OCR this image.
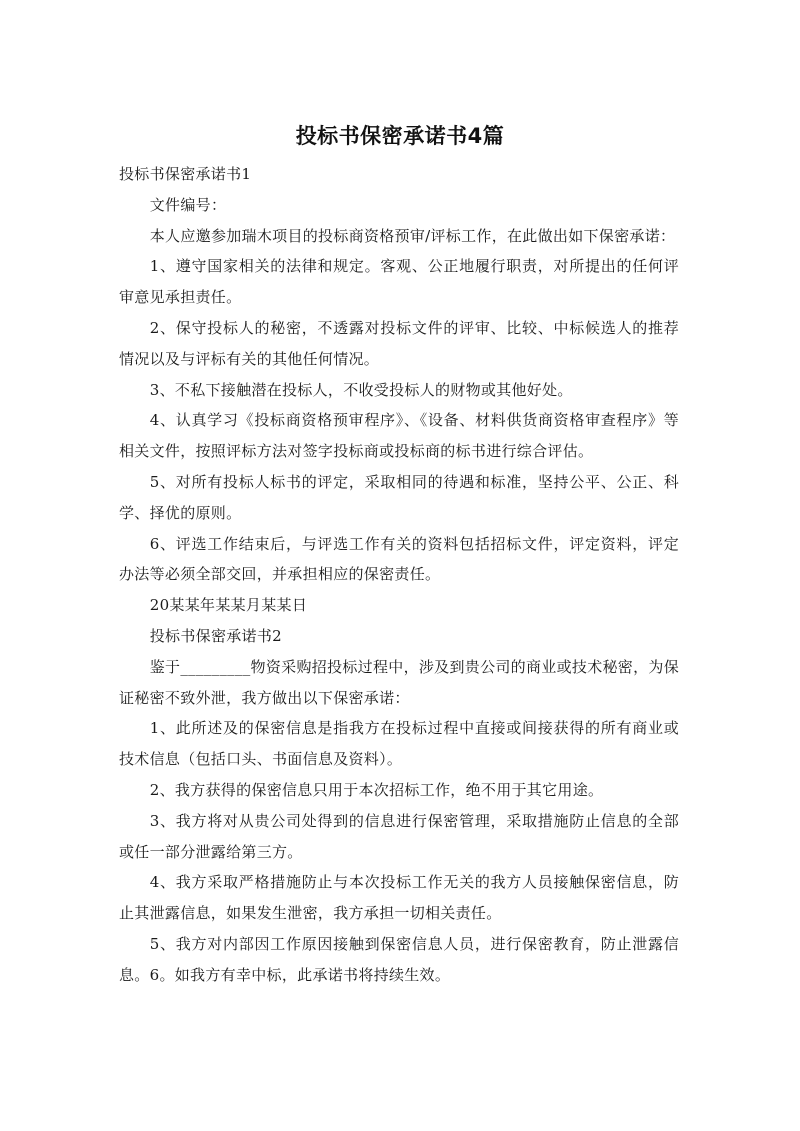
投标书保密承诺书4篇

投标书保密承诺书1

文件编号：

本人应邀参加瑞木项目的投标商资格预审/评标工作，在此做出如下保密承诺：

1、遵守国家相关的法律和规定。客观、公正地履行职责，对所提出的任何评审意见承担责任。

2、保守投标人的秘密，不透露对投标文件的评审、比较、中标候选人的推荐情况以及与评标有关的其他任何情况。

3、不私下接触潜在投标人，不收受投标人的财物或其他好处。

4、认真学习《投标商资格预审程序》、《设备、材料供货商资格审查程序》等相关文件，按照评标方法对签字投标商或投标商的标书进行综合评估。

5、对所有投标人标书的评定，采取相同的待遇和标准，坚持公平、公正、科学、择优的原则。

6、评选工作结束后，与评选工作有关的资料包括招标文件，评定资料，评定办法等必须全部交回，并承担相应的保密责任。

20某某年某某月某某日

投标书保密承诺书2

鉴于_________物资采购招投标过程中，涉及到贵公司的商业或技术秘密，为保证秘密不致外泄，我方做出以下保密承诺：

1、此所述及的保密信息是指我方在投标过程中直接或间接获得的所有商业或技术信息（包括口头、书面信息及资料）。

2、我方获得的保密信息只用于本次招标工作，绝不用于其它用途。

3、我方将对从贵公司处得到的信息进行保密管理，采取措施防止信息的全部或任一部分泄露给第三方。

4、我方采取严格措施防止与本次投标工作无关的我方人员接触保密信息，防止其泄露信息，如果发生泄密，我方承担一切相关责任。

5、我方对内部因工作原因接触到保密信息人员，进行保密教育，防止泄露信息。6。如我方有幸中标，此承诺书将持续生效。
